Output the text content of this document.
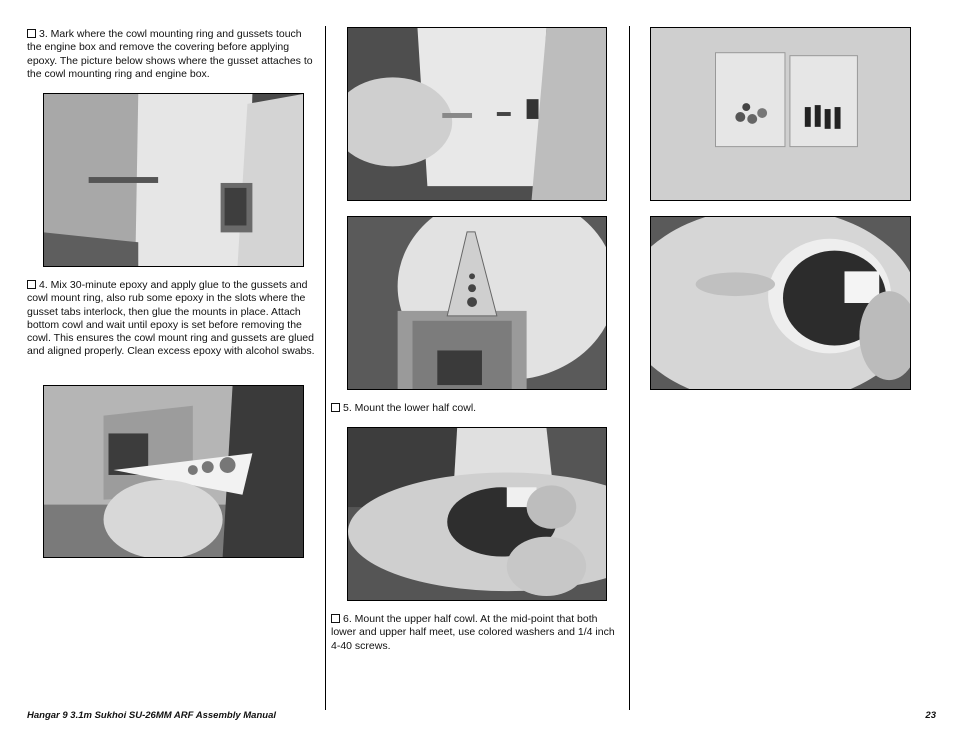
3. Mark where the cowl mounting ring and gussets touch the engine box and remove the covering before applying epoxy. The picture below shows where the gusset attaches to the cowl mounting ring and engine box.
4. Mix 30-minute epoxy and apply glue to the gussets and cowl mount ring, also rub some epoxy in the slots where the gusset tabs interlock, then glue the mounts in place. Attach bottom cowl and wait until epoxy is set before removing the cowl. This ensures the cowl mount ring and gussets are glued and aligned properly. Clean excess epoxy with alcohol swabs.
5. Mount the lower half cowl.
6. Mount the upper half cowl. At the mid-point that both lower and upper half meet, use colored washers and 1/4 inch 4-40 screws.
Hangar 9 3.1m Sukhoi SU-26MM ARF Assembly Manual	23
